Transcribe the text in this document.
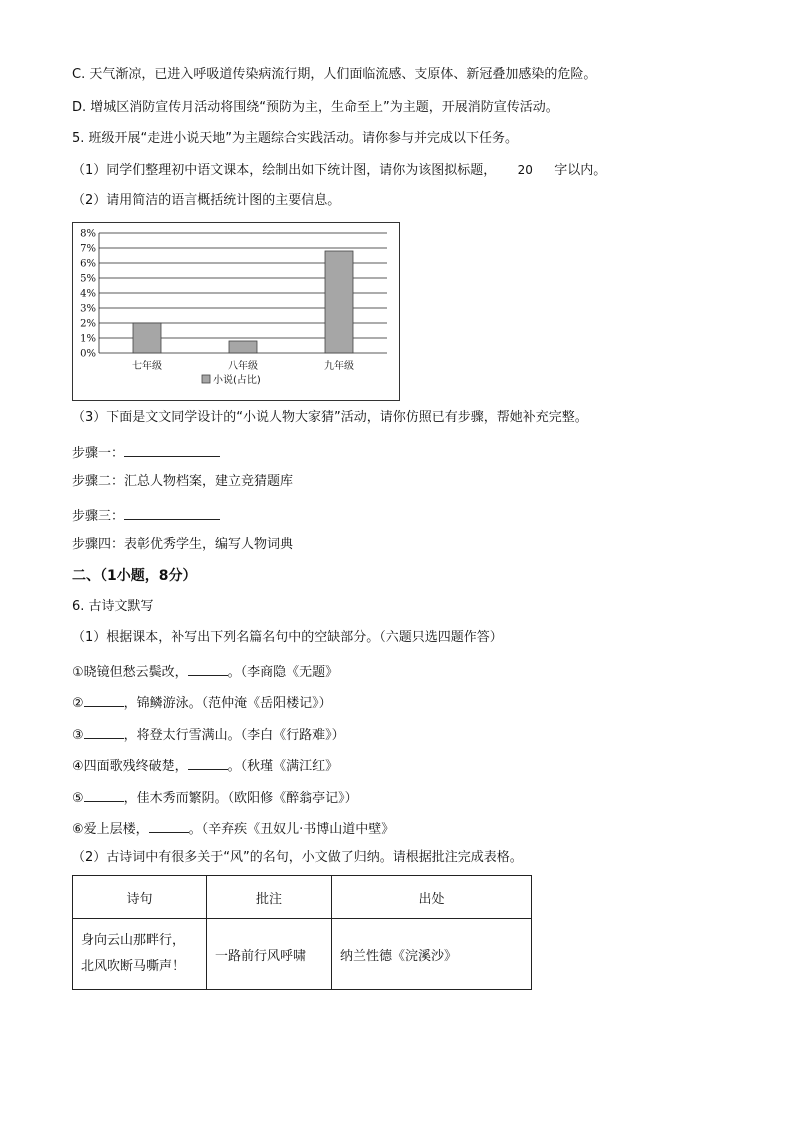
C. 天气渐凉，已进入呼吸道传染病流行期，人们面临流感、支原体、新冠叠加感染的危险。
D. 增城区消防宣传月活动将围绕“预防为主，生命至上”为主题，开展消防宣传活动。
5. 班级开展“走进小说天地”为主题综合实践活动。请你参与并完成以下任务。
（1）同学们整理初中语文课本，绘制出如下统计图，请你为该图拟标题， 20 字以内。
（2）请用简洁的语言概括统计图的主要信息。
0%
1%
2%
3%
4%
5%
6%
7%
8%
七年级	八年级	九年级
小说(占比)
（3）下面是文文同学设计的“小说人物大家猜”活动，请你仿照已有步骤，帮她补充完整。
步骤一：
步骤二：汇总人物档案，建立竞猜题库
步骤三：
步骤四：表彰优秀学生，编写人物词典
二、（1小题，8分）
6. 古诗文默写
（1）根据课本，补写出下列名篇名句中的空缺部分。（六题只选四题作答）
①晓镜但愁云鬓改，	。（李商隐《无题》
②	，锦鳞游泳。（范仲淹《岳阳楼记》）
③	，将登太行雪满山。（李白《行路难》）
④四面歌残终破楚，	。（秋瑾《满江红》
⑤	，佳木秀而繁阴。（欧阳修《醉翁亭记》）
⑥爱上层楼，	。（辛弃疾《丑奴儿·书博山道中壁》
（2）古诗词中有很多关于“风”的名句，小文做了归纳。请根据批注完成表格。
诗句	批注	出处

身向云山那畔行，
北风吹断马嘶声！	一路前行风呼啸	纳兰性德《浣溪沙》
